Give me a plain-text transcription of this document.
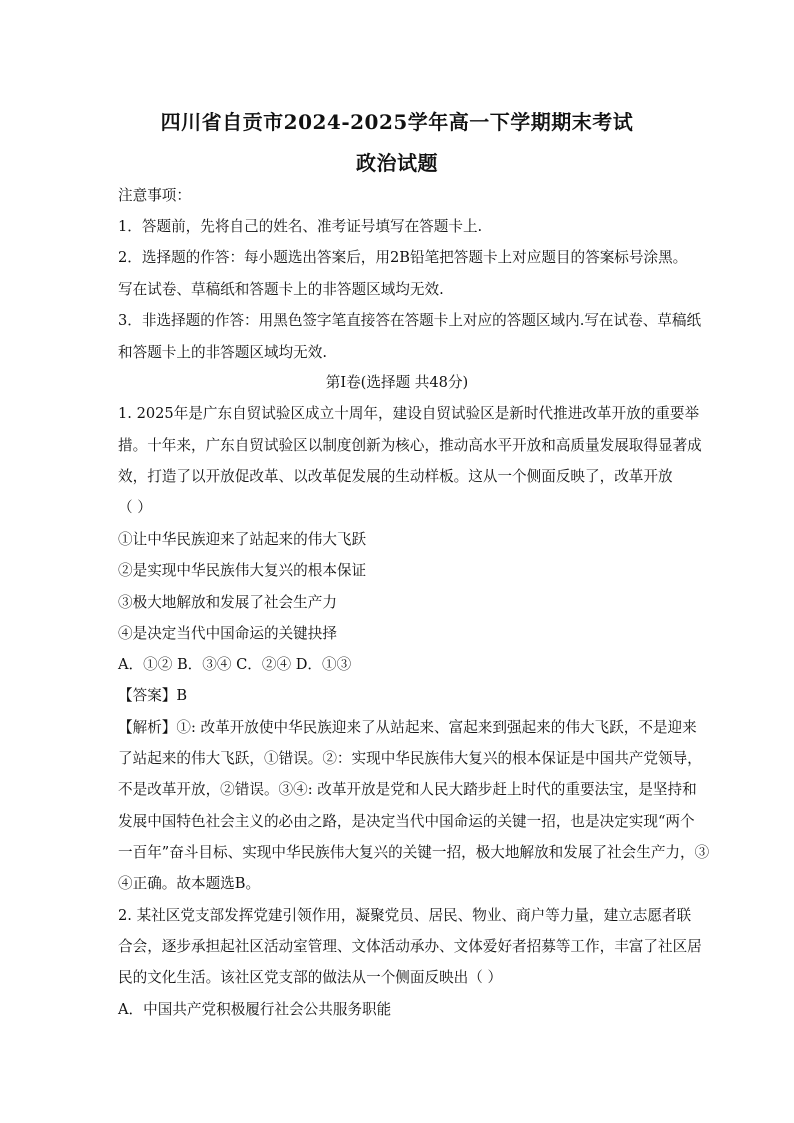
四川省自贡市2024-2025学年高一下学期期末考试
政治试题
注意事项：
1．答题前，先将自己的姓名、准考证号填写在答题卡上.
2．选择题的作答：每小题选出答案后，用2B铅笔把答题卡上对应题目的答案标号涂黑。
写在试卷、草稿纸和答题卡上的非答题区域均无效.
3．非选择题的作答：用黑色签字笔直接答在答题卡上对应的答题区域内.写在试卷、草稿纸
和答题卡上的非答题区域均无效.
第Ⅰ卷(选择题 共48分)
1. 2025年是广东自贸试验区成立十周年，建设自贸试验区是新时代推进改革开放的重要举
措。十年来，广东自贸试验区以制度创新为核心，推动高水平开放和高质量发展取得显著成
效，打造了以开放促改革、以改革促发展的生动样板。这从一个侧面反映了，改革开放
（ ）
①让中华民族迎来了站起来的伟大飞跃
②是实现中华民族伟大复兴的根本保证
③极大地解放和发展了社会生产力
④是决定当代中国命运的关键抉择
A．①② B．③④ C．②④ D．①③
【答案】B
【解析】①: 改革开放使中华民族迎来了从站起来、富起来到强起来的伟大飞跃，不是迎来
了站起来的伟大飞跃，①错误。②：实现中华民族伟大复兴的根本保证是中国共产党领导，
不是改革开放，②错误。③④: 改革开放是党和人民大踏步赶上时代的重要法宝，是坚持和
发展中国特色社会主义的必由之路，是决定当代中国命运的关键一招，也是决定实现“两个
一百年”奋斗目标、实现中华民族伟大复兴的关键一招，极大地解放和发展了社会生产力，③
④正确。故本题选B。
2. 某社区党支部发挥党建引领作用，凝聚党员、居民、物业、商户等力量，建立志愿者联
合会，逐步承担起社区活动室管理、文体活动承办、文体爱好者招募等工作，丰富了社区居
民的文化生活。该社区党支部的做法从一个侧面反映出（ ）
A．中国共产党积极履行社会公共服务职能
